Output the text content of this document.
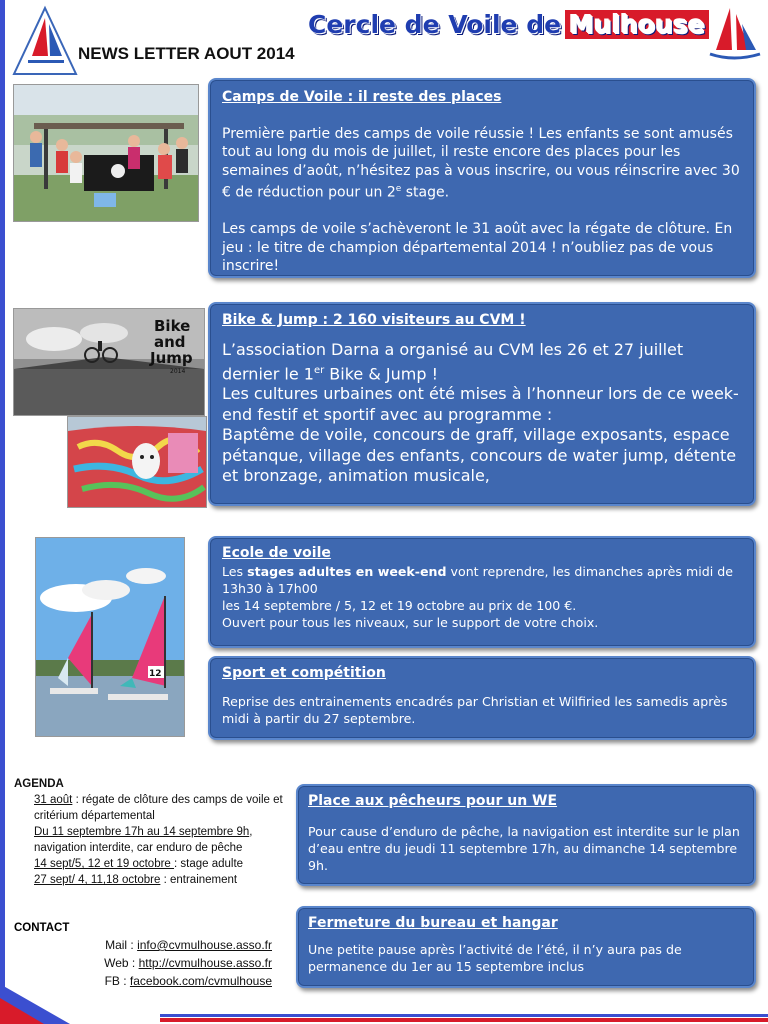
Cercle de Voile de Mulhouse
NEWS LETTER AOUT 2014
Camps de Voile : il reste des places

Première partie des camps de voile réussie ! Les enfants se sont amusés tout au long du mois de juillet, il reste encore des places pour les semaines d’août, n’hésitez pas à vous inscrire, ou vous réinscrire avec 30 € de réduction pour un 2e stage.

Les camps de voile s’achèveront le 31 août avec la régate de clôture. En jeu : le titre de champion départemental 2014 ! n’oubliez pas de vous inscrire!

Bike
and
Jump
2014
Bike & Jump : 2 160 visiteurs au CVM !

L’association Darna a organisé au CVM les 26 et 27 juillet dernier le 1er Bike & Jump !

Les cultures urbaines ont été mises à l’honneur lors de ce week-end festif et sportif avec au programme :

Baptême de voile, concours de graff, village exposants, espace pétanque, village des enfants, concours de water jump, détente et bronzage, animation musicale,

12
Ecole de voile

Les stages adultes en week-end vont reprendre, les dimanches après midi de 13h30 à 17h00

les 14 septembre / 5, 12 et 19 octobre au prix de 100 €.

Ouvert pour tous les niveaux, sur le support de votre choix.

Sport et compétition

Reprise des entrainements encadrés par Christian et Wilfiried les samedis après midi à partir du 27 septembre.

AGENDA
31 août : régate de clôture des camps de voile et critérium départemental
Du 11 septembre 17h au 14 septembre 9h, navigation interdite, car enduro de pêche
14 sept/5, 12 et 19 octobre : stage adulte
27 sept/ 4, 11,18 octobre : entrainement
Place aux pêcheurs pour un WE

Pour cause d’enduro de pêche, la navigation est interdite sur le plan d’eau entre du jeudi 11 septembre 17h, au dimanche 14 septembre 9h.

CONTACT
Mail : info@cvmulhouse.asso.fr
Web : http://cvmulhouse.asso.fr
FB : facebook.com/cvmulhouse
Fermeture du bureau et hangar

Une petite pause après l’activité de l’été, il n’y aura pas de permanence du 1er au 15 septembre inclus
